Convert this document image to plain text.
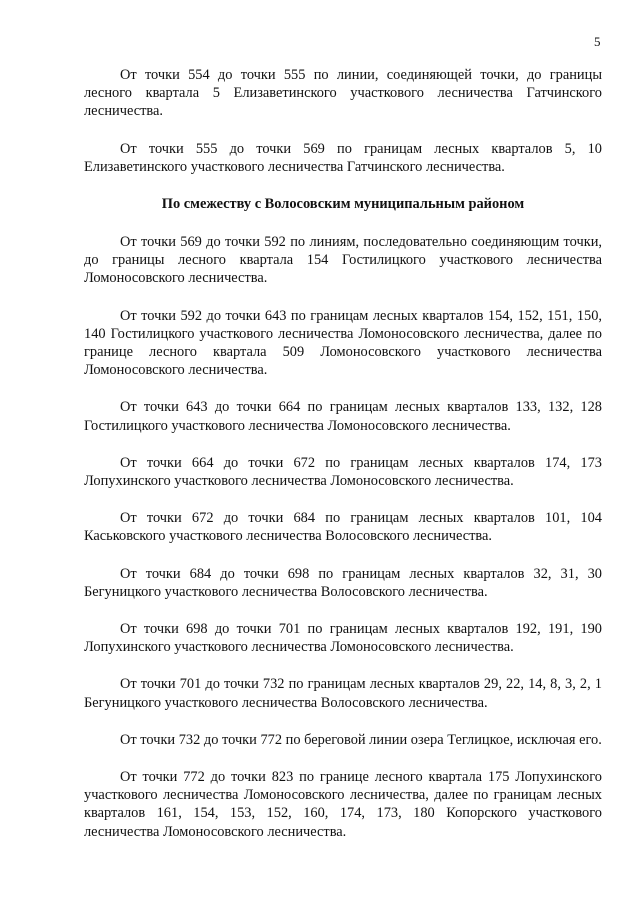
5

От точки 554 до точки 555 по линии, соединяющей точки, до границы лесного квартала 5 Елизаветинского участкового лесничества Гатчинского лесничества.

От точки 555 до точки 569 по границам лесных кварталов 5, 10 Елизаветинского участкового лесничества Гатчинского лесничества.

По смежеству с Волосовским муниципальным районом

От точки 569 до точки 592 по линиям, последовательно соединяющим точки, до границы лесного квартала 154 Гостилицкого участкового лесничества Ломоносовского лесничества.

От точки 592 до точки 643 по границам лесных кварталов 154, 152, 151, 150, 140 Гостилицкого участкового лесничества Ломоносовского лесничества, далее по границе лесного квартала 509 Ломоносовского участкового лесничества Ломоносовского лесничества.

От точки 643 до точки 664 по границам лесных кварталов 133, 132, 128 Гостилицкого участкового лесничества Ломоносовского лесничества.

От точки 664 до точки 672 по границам лесных кварталов 174, 173 Лопухинского участкового лесничества Ломоносовского лесничества.

От точки 672 до точки 684 по границам лесных кварталов 101, 104 Каськовского участкового лесничества Волосовского лесничества.

От точки 684 до точки 698 по границам лесных кварталов 32, 31, 30 Бегуницкого участкового лесничества Волосовского лесничества.

От точки 698 до точки 701 по границам лесных кварталов 192, 191, 190 Лопухинского участкового лесничества Ломоносовского лесничества.

От точки 701 до точки 732 по границам лесных кварталов 29, 22, 14, 8, 3, 2, 1 Бегуницкого участкового лесничества Волосовского лесничества.

От точки 732 до точки 772 по береговой линии озера Теглицкое, исключая его.

От точки 772 до точки 823 по границе лесного квартала 175 Лопухинского участкового лесничества Ломоносовского лесничества, далее по границам лесных кварталов 161, 154, 153, 152, 160, 174, 173, 180 Копорского участкового лесничества Ломоносовского лесничества.
